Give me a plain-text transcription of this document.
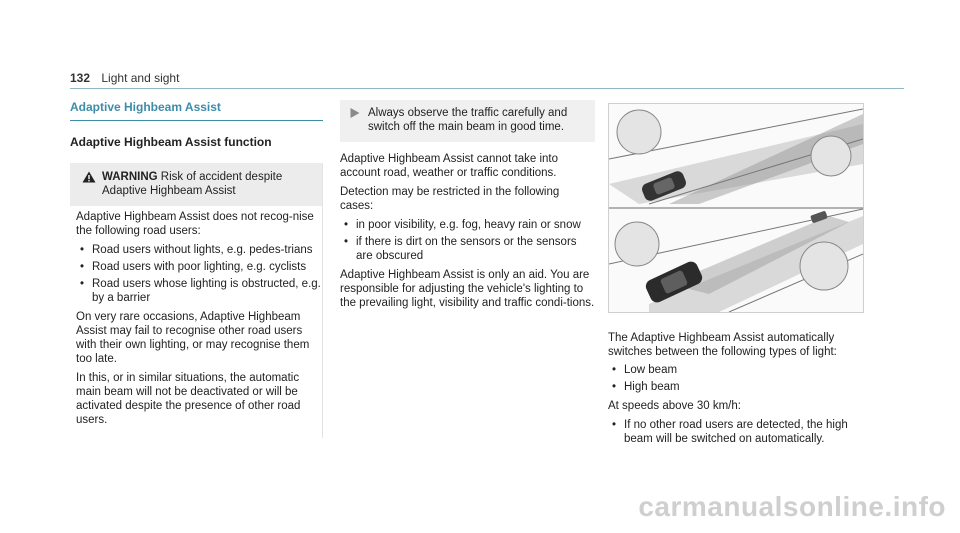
132 Light and sight
Adaptive Highbeam Assist
Adaptive Highbeam Assist function
WARNING Risk of accident despite Adaptive Highbeam Assist

Adaptive Highbeam Assist does not recog-nise the following road users:

• Road users without lights, e.g. pedes-trians
• Road users with poor lighting, e.g. cyclists
• Road users whose lighting is obstructed, e.g. by a barrier

On very rare occasions, Adaptive Highbeam Assist may fail to recognise other road users with their own lighting, or may recognise them too late.

In this, or in similar situations, the automatic main beam will not be deactivated or will be activated despite the presence of other road users.

Always observe the traffic carefully and switch off the main beam in good time.

Adaptive Highbeam Assist cannot take into account road, weather or traffic conditions.

Detection may be restricted in the following cases:

• in poor visibility, e.g. fog, heavy rain or snow
• if there is dirt on the sensors or the sensors are obscured

Adaptive Highbeam Assist is only an aid. You are responsible for adjusting the vehicle's lighting to the prevailing light, visibility and traffic condi-tions.

The Adaptive Highbeam Assist automatically switches between the following types of light:

• Low beam
• High beam

At speeds above 30 km/h:

• If no other road users are detected, the high beam will be switched on automatically.
carmanualsonline.info
